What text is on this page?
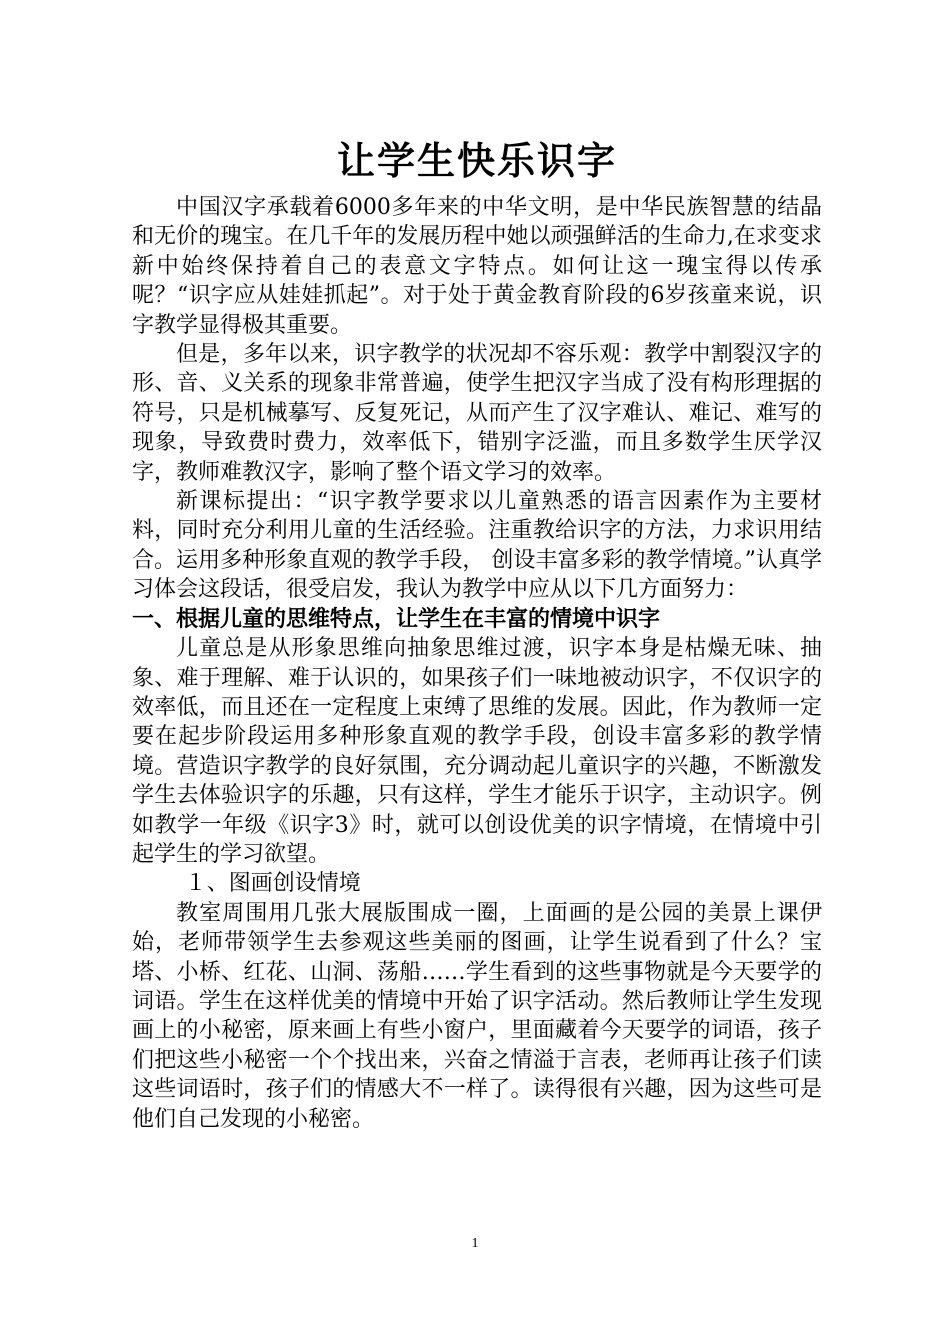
让学生快乐识字

中国汉字承载着6000多年来的中华文明，是中华民族智慧的结晶和无价的瑰宝。在几千年的发展历程中她以顽强鲜活的生命力,在求变求新中始终保持着自己的表意文字特点。如何让这一瑰宝得以传承呢？“识字应从娃娃抓起”。对于处于黄金教育阶段的6岁孩童来说，识字教学显得极其重要。

但是，多年以来，识字教学的状况却不容乐观：教学中割裂汉字的形、音、义关系的现象非常普遍，使学生把汉字当成了没有构形理据的符号，只是机械摹写、反复死记，从而产生了汉字难认、难记、难写的现象，导致费时费力，效率低下，错别字泛滥，而且多数学生厌学汉字，教师难教汉字，影响了整个语文学习的效率。

新课标提出：“识字教学要求以儿童熟悉的语言因素作为主要材料，同时充分利用儿童的生活经验。注重教给识字的方法，力求识用结合。运用多种形象直观的教学手段， 创设丰富多彩的教学情境。”认真学习体会这段话，很受启发，我认为教学中应从以下几方面努力：

一、根据儿童的思维特点，让学生在丰富的情境中识字

儿童总是从形象思维向抽象思维过渡，识字本身是枯燥无味、抽象、难于理解、难于认识的，如果孩子们一味地被动识字，不仅识字的效率低，而且还在一定程度上束缚了思维的发展。因此，作为教师一定要在起步阶段运用多种形象直观的教学手段，创设丰富多彩的教学情境。营造识字教学的良好氛围，充分调动起儿童识字的兴趣，不断激发学生去体验识字的乐趣，只有这样，学生才能乐于识字，主动识字。例如教学一年级《识字3》时，就可以创设优美的识字情境，在情境中引起学生的学习欲望。

１、图画创设情境

教室周围用几张大展版围成一圈，上面画的是公园的美景上课伊始，老师带领学生去参观这些美丽的图画，让学生说看到了什么？宝塔、小桥、红花、山洞、荡船……学生看到的这些事物就是今天要学的词语。学生在这样优美的情境中开始了识字活动。然后教师让学生发现画上的小秘密，原来画上有些小窗户，里面藏着今天要学的词语，孩子们把这些小秘密一个个找出来，兴奋之情溢于言表，老师再让孩子们读这些词语时，孩子们的情感大不一样了。读得很有兴趣，因为这些可是他们自己发现的小秘密。

1
